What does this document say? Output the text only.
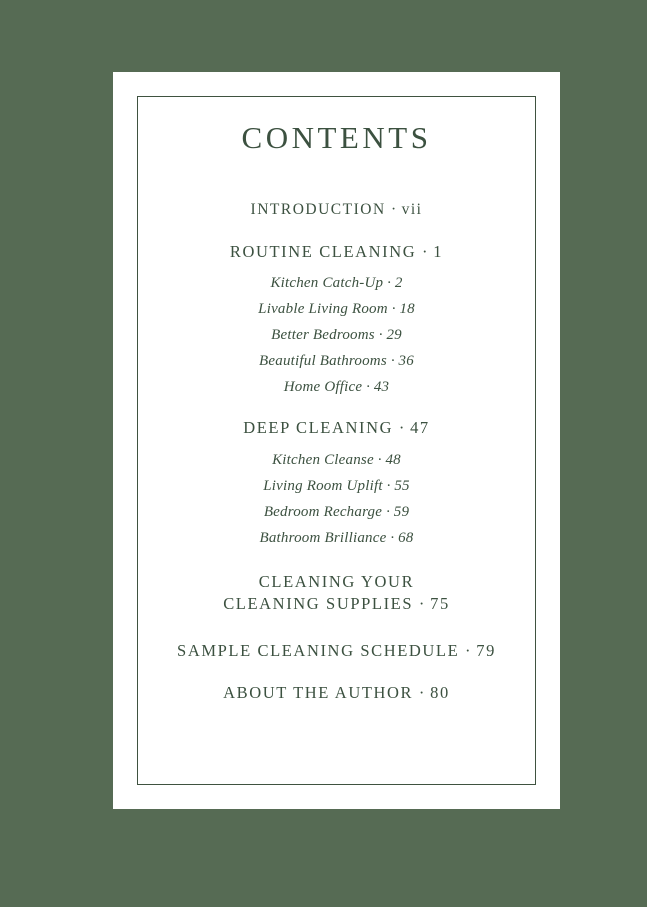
CONTENTS
INTRODUCTION · vii
ROUTINE CLEANING · 1
Kitchen Catch-Up · 2
Livable Living Room · 18
Better Bedrooms · 29
Beautiful Bathrooms · 36
Home Office · 43
DEEP CLEANING · 47
Kitchen Cleanse · 48
Living Room Uplift · 55
Bedroom Recharge · 59
Bathroom Brilliance · 68
CLEANING YOUR
CLEANING SUPPLIES · 75
SAMPLE CLEANING SCHEDULE · 79
ABOUT THE AUTHOR · 80
